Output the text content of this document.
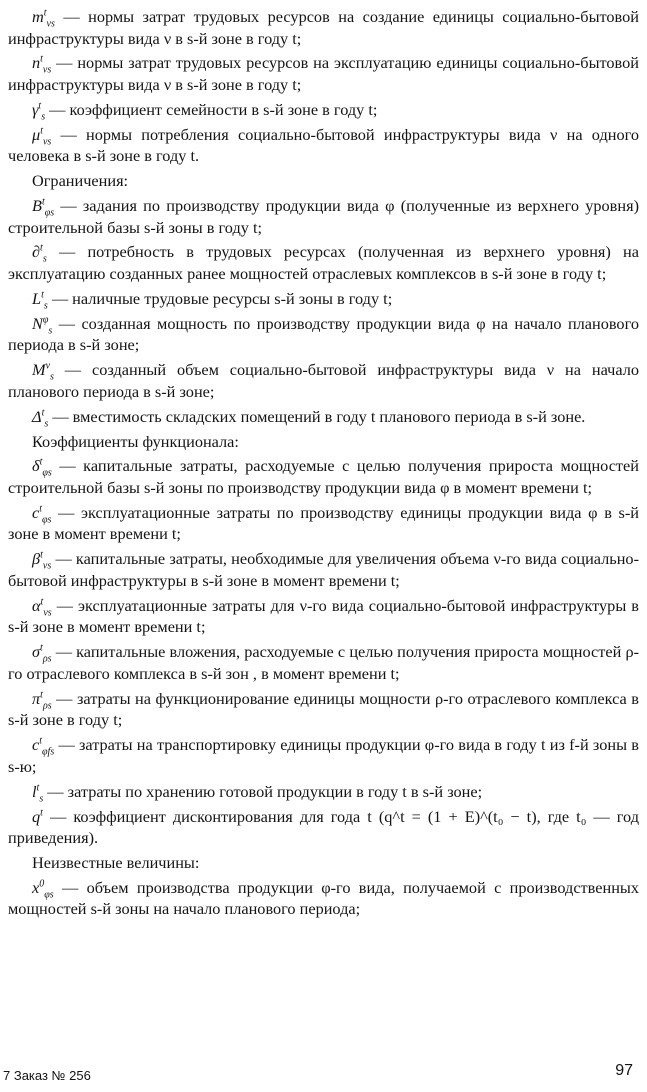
$m^t_{\nu s}$ — нормы затрат трудовых ресурсов на создание единицы социально-бытовой инфраструктуры вида ν в s-й зоне в году t;

$n^t_{\nu s}$ — нормы затрат трудовых ресурсов на эксплуатацию единицы социально-бытовой инфраструктуры вида ν в s-й зоне в году t;

$\gamma^t_s$ — коэффициент семейности в s-й зоне в году t;

$\mu^t_{\nu s}$ — нормы потребления социально-бытовой инфраструктуры вида ν на одного человека в s-й зоне в году t.

Ограничения:

$B^t_{\varphi s}$ — задания по производству продукции вида φ (полученные из верхнего уровня) строительной базы s-й зоны в году t;

∂$^t_s$ — потребность в трудовых ресурсах (полученная из верхнего уровня) на эксплуатацию созданных ранее мощностей отраслевых комплексов в s-й зоне в году t;

$L^t_s$ — наличные трудовые ресурсы s-й зоны в году t;

$N^\varphi_s$ — созданная мощность по производству продукции вида φ на начало планового периода в s-й зоне;

$M^\nu_s$ — созданный объем социально-бытовой инфраструктуры вида ν на начало планового периода в s-й зоне;

$\Delta^t_s$ — вместимость складских помещений в году t планового периода в s-й зоне.

Коэффициенты функционала:

$\delta^t_{\varphi s}$ — капитальные затраты, расходуемые с целью получения прироста мощностей строительной базы s-й зоны по производству продукции вида φ в момент времени t;

$c^t_{\varphi s}$ — эксплуатационные затраты по производству единицы продукции вида φ в s-й зоне в момент времени t;

$\beta^t_{\nu s}$ — капитальные затраты, необходимые для увеличения объема ν-го вида социально-бытовой инфраструктуры в s-й зоне в момент времени t;

$\alpha^t_{\nu s}$ — эксплуатационные затраты для ν-го вида социально-бытовой инфраструктуры в s-й зоне в момент времени t;

$\sigma^t_{\rho s}$ — капитальные вложения, расходуемые с целью получения прироста мощностей ρ-го отраслевого комплекса в s-й зон , в момент времени t;

$\pi^t_{\rho s}$ — затраты на функционирование единицы мощности ρ-го отраслевого комплекса в s-й зоне в году t;

$c^t_{\varphi fs}$ — затраты на транспортировку единицы продукции φ-го вида в году t из f-й зоны в s-ю;

$l^t_s$ — затраты по хранению готовой продукции в году t в s-й зоне;

$q^t$ — коэффициент дисконтирования для года t (q^t = (1 + E)^(t₀ − t), где t₀ — год приведения).

Неизвестные величины:

$x^0_{\varphi s}$ — объем производства продукции φ-го вида, получаемой с производственных мощностей s-й зоны на начало планового периода;

7 Заказ № 256	97
